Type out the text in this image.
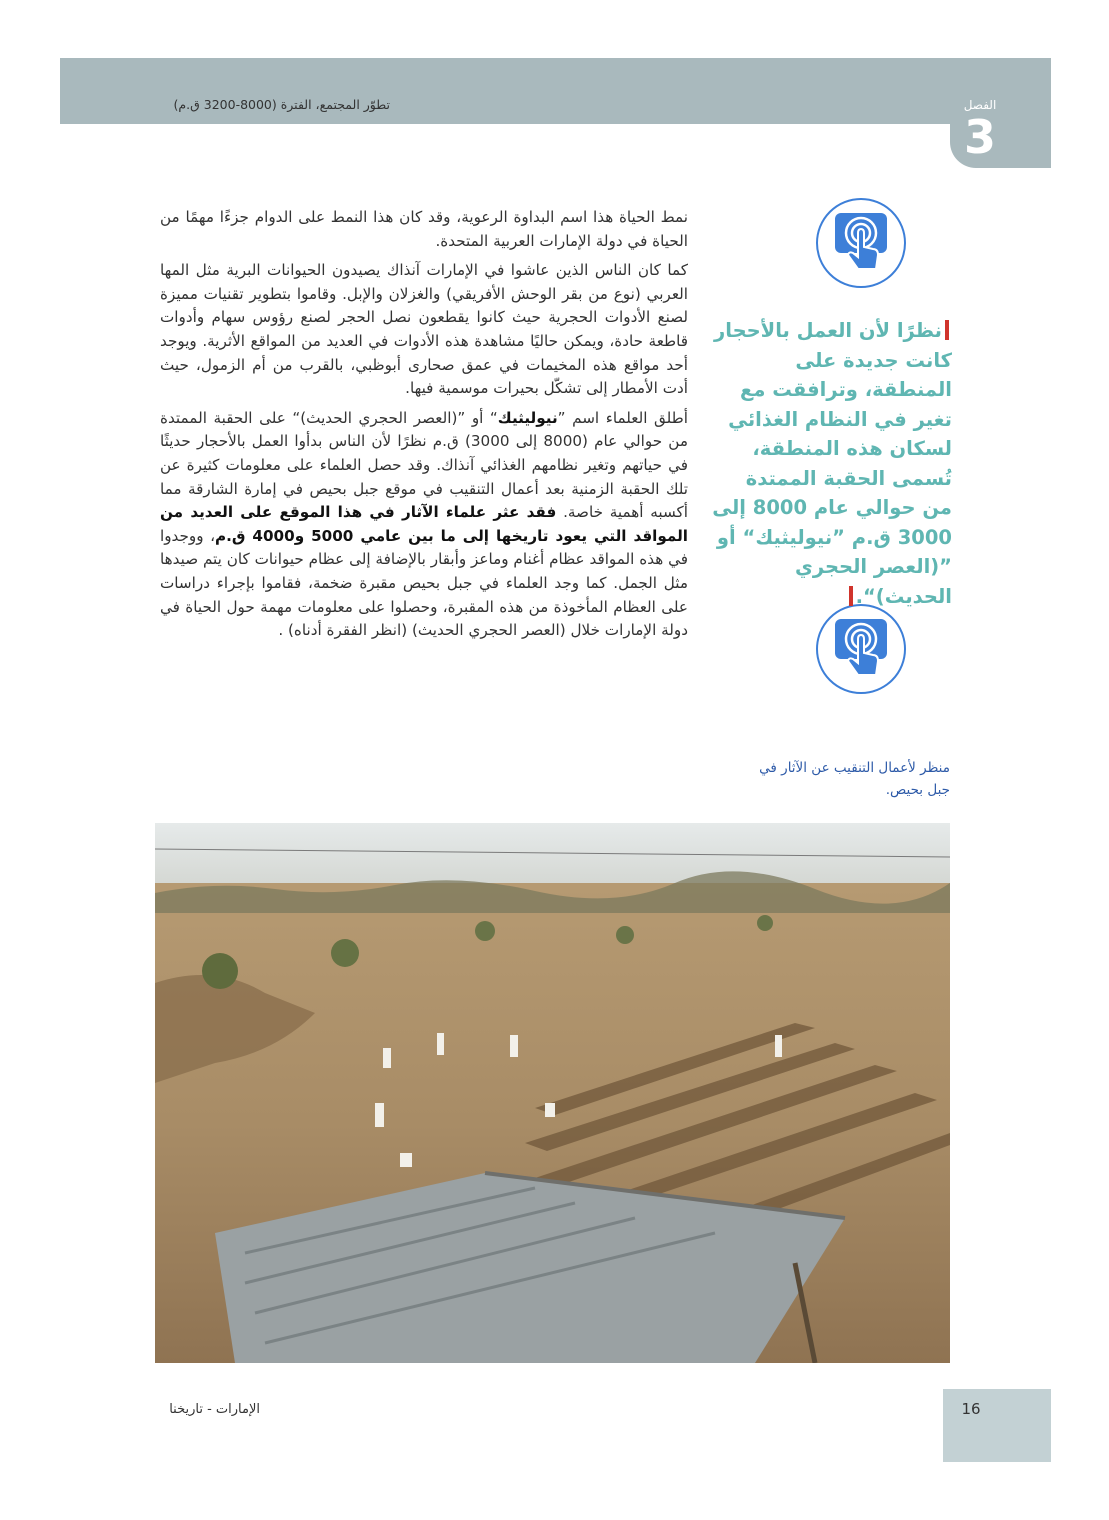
تطوّر المجتمع، الفترة (8000-3200 ق.م)	الفصل
3

نمط الحياة هذا اسم البداوة الرعوية، وقد كان هذا النمط على الدوام جزءًا مهمًا من الحياة في دولة الإمارات العربية المتحدة.

كما كان الناس الذين عاشوا في الإمارات آنذاك يصيدون الحيوانات البرية مثل المها العربي (نوع من بقر الوحش الأفريقي) والغزلان والإبل. وقاموا بتطوير تقنيات مميزة لصنع الأدوات الحجرية حيث كانوا يقطعون نصل الحجر لصنع رؤوس سهام وأدوات قاطعة حادة، ويمكن حاليًا مشاهدة هذه الأدوات في العديد من المواقع الأثرية. ويوجد أحد مواقع هذه المخيمات في عمق صحارى أبوظبي، بالقرب من أم الزمول، حيث أدت الأمطار إلى تشكّل بحيرات موسمية فيها.

أطلق العلماء اسم ”نيوليثيك“ أو ”(العصر الحجري الحديث)“ على الحقبة الممتدة من حوالي عام (8000 إلى 3000) ق.م نظرًا لأن الناس بدأوا العمل بالأحجار حديثًا في حياتهم وتغير نظامهم الغذائي آنذاك. وقد حصل العلماء على معلومات كثيرة عن تلك الحقبة الزمنية بعد أعمال التنقيب في موقع جبل بحيص في إمارة الشارقة مما أكسبه أهمية خاصة. فقد عثر علماء الآثار في هذا الموقع على العديد من المواقد التي يعود تاريخها إلى ما بين عامي 5000 و4000 ق.م، ووجدوا في هذه المواقد عظام أغنام وماعز وأبقار بالإضافة إلى عظام حيوانات كان يتم صيدها مثل الجمل. كما وجد العلماء في جبل بحيص مقبرة ضخمة، فقاموا بإجراء دراسات على العظام المأخوذة من هذه المقبرة، وحصلوا على معلومات مهمة حول الحياة في دولة الإمارات خلال (العصر الحجري الحديث) (انظر الفقرة أدناه) .

نظرًا لأن العمل بالأحجار كانت جديدة على المنطقة، وترافقت مع تغير في النظام الغذائي لسكان هذه المنطقة، تُسمى الحقبة الممتدة من حوالي عام 8000 إلى 3000 ق.م ”نيوليثيك“ أو ”(العصر الحجري الحديث)“.
منظر لأعمال التنقيب عن الآثار في جبل بحيص.
الإمارات - تاريخنا	16
